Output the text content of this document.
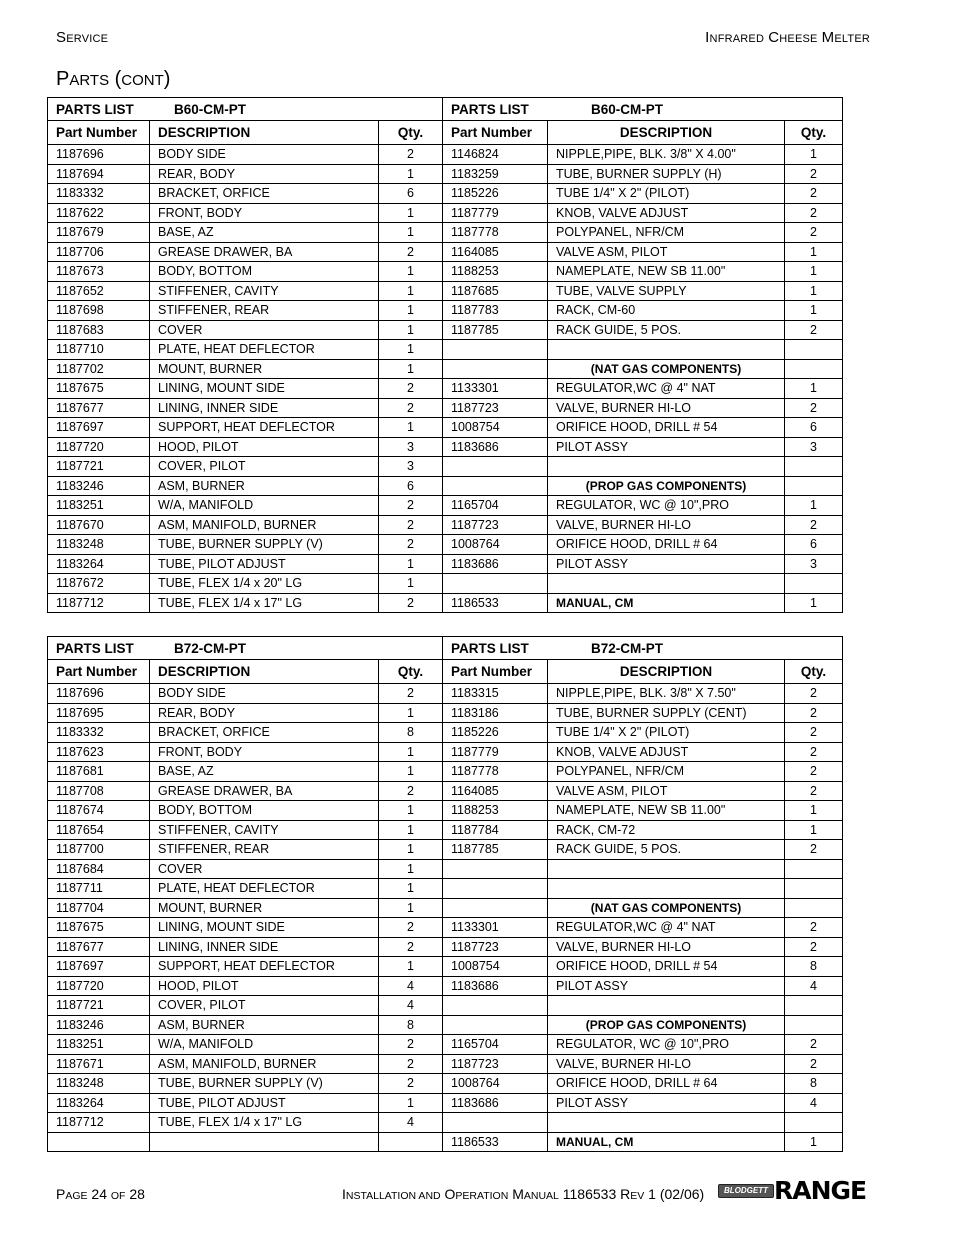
SERVICE	INFRARED CHEESE MELTER
PARTS (CONT)
PARTS LIST B60-CM-PT			PARTS LIST B60-CM-PT		
Part Number	DESCRIPTION	Qty.	Part Number	DESCRIPTION	Qty.
1187696	BODY SIDE	2	1146824	NIPPLE,PIPE, BLK. 3/8" X 4.00"	1
1187694	REAR, BODY	1	1183259	TUBE, BURNER SUPPLY (H)	2
1183332	BRACKET, ORFICE	6	1185226	TUBE 1/4" X 2" (PILOT)	2
1187622	FRONT, BODY	1	1187779	KNOB, VALVE ADJUST	2
1187679	BASE, AZ	1	1187778	POLYPANEL, NFR/CM	2
1187706	GREASE DRAWER, BA	2	1164085	VALVE ASM, PILOT	1
1187673	BODY, BOTTOM	1	1188253	NAMEPLATE, NEW SB 11.00"	1
1187652	STIFFENER, CAVITY	1	1187685	TUBE, VALVE SUPPLY	1
1187698	STIFFENER, REAR	1	1187783	RACK, CM-60	1
1187683	COVER	1	1187785	RACK GUIDE, 5 POS.	2
1187710	PLATE, HEAT DEFLECTOR	1			
1187702	MOUNT, BURNER	1		(NAT GAS COMPONENTS)	
1187675	LINING, MOUNT SIDE	2	1133301	REGULATOR,WC @ 4" NAT	1
1187677	LINING, INNER SIDE	2	1187723	VALVE, BURNER HI-LO	2
1187697	SUPPORT, HEAT DEFLECTOR	1	1008754	ORIFICE HOOD, DRILL # 54	6
1187720	HOOD, PILOT	3	1183686	PILOT ASSY	3
1187721	COVER, PILOT	3			
1183246	ASM, BURNER	6		(PROP GAS COMPONENTS)	
1183251	W/A, MANIFOLD	2	1165704	REGULATOR, WC @ 10",PRO	1
1187670	ASM, MANIFOLD, BURNER	2	1187723	VALVE, BURNER HI-LO	2
1183248	TUBE, BURNER SUPPLY (V)	2	1008764	ORIFICE HOOD, DRILL # 64	6
1183264	TUBE, PILOT ADJUST	1	1183686	PILOT ASSY	3
1187672	TUBE, FLEX 1/4 x 20" LG	1			
1187712	TUBE, FLEX 1/4 x 17" LG	2	1186533	MANUAL, CM	1
PARTS LIST B72-CM-PT			PARTS LIST B72-CM-PT		
Part Number	DESCRIPTION	Qty.	Part Number	DESCRIPTION	Qty.
1187696	BODY SIDE	2	1183315	NIPPLE,PIPE, BLK. 3/8" X 7.50"	2
1187695	REAR, BODY	1	1183186	TUBE, BURNER SUPPLY (CENT)	2
1183332	BRACKET, ORFICE	8	1185226	TUBE 1/4" X 2" (PILOT)	2
1187623	FRONT, BODY	1	1187779	KNOB, VALVE ADJUST	2
1187681	BASE, AZ	1	1187778	POLYPANEL, NFR/CM	2
1187708	GREASE DRAWER, BA	2	1164085	VALVE ASM, PILOT	2
1187674	BODY, BOTTOM	1	1188253	NAMEPLATE, NEW SB 11.00"	1
1187654	STIFFENER, CAVITY	1	1187784	RACK, CM-72	1
1187700	STIFFENER, REAR	1	1187785	RACK GUIDE, 5 POS.	2
1187684	COVER	1			
1187711	PLATE, HEAT DEFLECTOR	1			
1187704	MOUNT, BURNER	1		(NAT GAS COMPONENTS)	
1187675	LINING, MOUNT SIDE	2	1133301	REGULATOR,WC @ 4" NAT	2
1187677	LINING, INNER SIDE	2	1187723	VALVE, BURNER HI-LO	2
1187697	SUPPORT, HEAT DEFLECTOR	1	1008754	ORIFICE HOOD, DRILL # 54	8
1187720	HOOD, PILOT	4	1183686	PILOT ASSY	4
1187721	COVER, PILOT	4			
1183246	ASM, BURNER	8		(PROP GAS COMPONENTS)	
1183251	W/A, MANIFOLD	2	1165704	REGULATOR, WC @ 10",PRO	2
1187671	ASM, MANIFOLD, BURNER	2	1187723	VALVE, BURNER HI-LO	2
1183248	TUBE, BURNER SUPPLY (V)	2	1008764	ORIFICE HOOD, DRILL # 64	8
1183264	TUBE, PILOT ADJUST	1	1183686	PILOT ASSY	4
1187712	TUBE, FLEX 1/4 x 17" LG	4			
			1186533	MANUAL, CM	1
PAGE 24 OF 28	INSTALLATION AND OPERATION MANUAL 1186533 REV 1 (02/06)	BLODGETT RANGE
